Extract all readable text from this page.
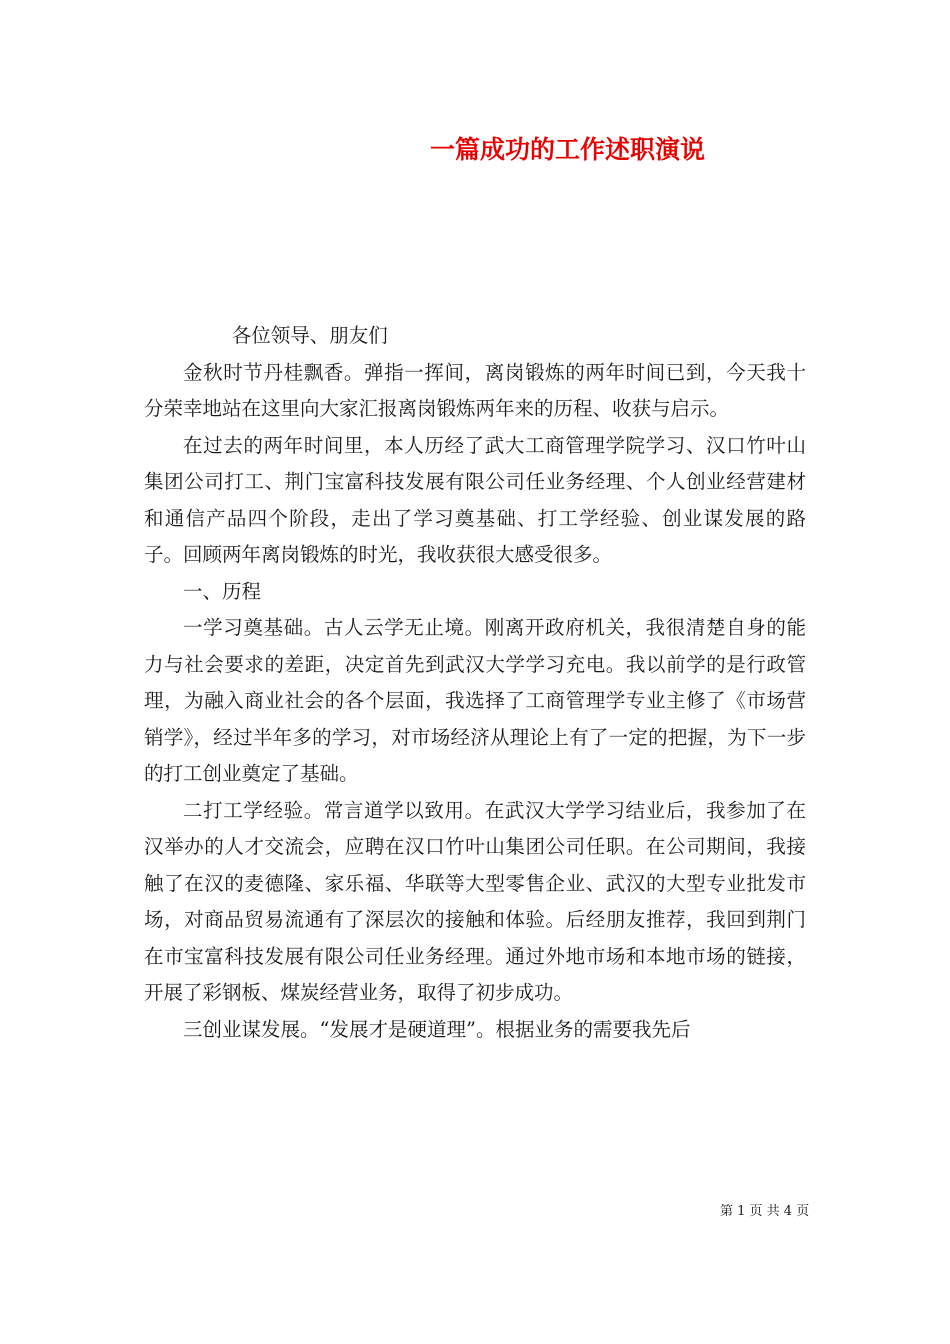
一篇成功的工作述职演说

各位领导、朋友们

金秋时节丹桂飘香。弹指一挥间，离岗锻炼的两年时间已到，今天我十分荣幸地站在这里向大家汇报离岗锻炼两年来的历程、收获与启示。

在过去的两年时间里，本人历经了武大工商管理学院学习、汉口竹叶山集团公司打工、荆门宝富科技发展有限公司任业务经理、个人创业经营建材和通信产品四个阶段，走出了学习奠基础、打工学经验、创业谋发展的路子。回顾两年离岗锻炼的时光，我收获很大感受很多。

一、历程

一学习奠基础。古人云学无止境。刚离开政府机关，我很清楚自身的能力与社会要求的差距，决定首先到武汉大学学习充电。我以前学的是行政管理，为融入商业社会的各个层面，我选择了工商管理学专业主修了《市场营销学》，经过半年多的学习，对市场经济从理论上有了一定的把握，为下一步的打工创业奠定了基础。

二打工学经验。常言道学以致用。在武汉大学学习结业后，我参加了在汉举办的人才交流会，应聘在汉口竹叶山集团公司任职。在公司期间，我接触了在汉的麦德隆、家乐福、华联等大型零售企业、武汉的大型专业批发市场，对商品贸易流通有了深层次的接触和体验。后经朋友推荐，我回到荆门在市宝富科技发展有限公司任业务经理。通过外地市场和本地市场的链接，开展了彩钢板、煤炭经营业务，取得了初步成功。

三创业谋发展。“发展才是硬道理”。根据业务的需要我先后

第 1 页 共 4 页
